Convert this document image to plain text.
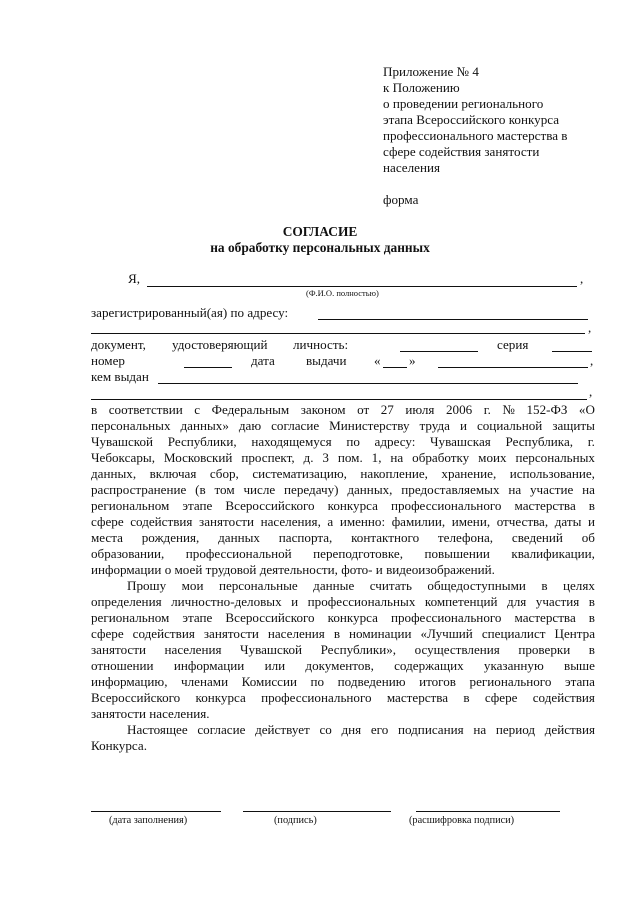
Приложение № 4
к Положению
о проведении регионального
этапа Всероссийского конкурса
профессионального мастерства в
сфере содействия занятости
населения
форма
СОГЛАСИЕ
на обработку персональных данных
Я,	,
(Ф.И.О. полностью)
зарегистрированный(ая) по адресу:
,
документ, удостоверяющий личность:	серия
номер	дата выдачи « »	,
кем выдан
,
в соответствии с Федеральным законом от 27 июля 2006 г. № 152-ФЗ «О
персональных данных» даю согласие Министерству труда и социальной защиты
Чувашской Республики, находящемуся по адресу: Чувашская Республика, г.
Чебоксары, Московский проспект, д. 3 пом. 1, на обработку моих персональных
данных, включая сбор, систематизацию, накопление, хранение, использование,
распространение (в том числе передачу) данных, предоставляемых на участие на
региональном этапе Всероссийского конкурса профессионального мастерства в
сфере содействия занятости населения, а именно: фамилии, имени, отчества, даты и
места рождения, данных паспорта, контактного телефона, сведений об
образовании, профессиональной переподготовке, повышении квалификации,
информации о моей трудовой деятельности, фото- и видеоизображений.
Прошу мои персональные данные считать общедоступными в целях
определения личностно-деловых и профессиональных компетенций для участия в
региональном этапе Всероссийского конкурса профессионального мастерства в
сфере содействия занятости населения в номинации «Лучший специалист Центра
занятости населения Чувашской Республики», осуществления проверки в
отношении информации или документов, содержащих указанную выше
информацию, членами Комиссии по подведению итогов регионального этапа
Всероссийского конкурса профессионального мастерства в сфере содействия
занятости населения.
Настоящее согласие действует со дня его подписания на период действия
Конкурса.
(дата заполнения)	(подпись)	(расшифровка подписи)
